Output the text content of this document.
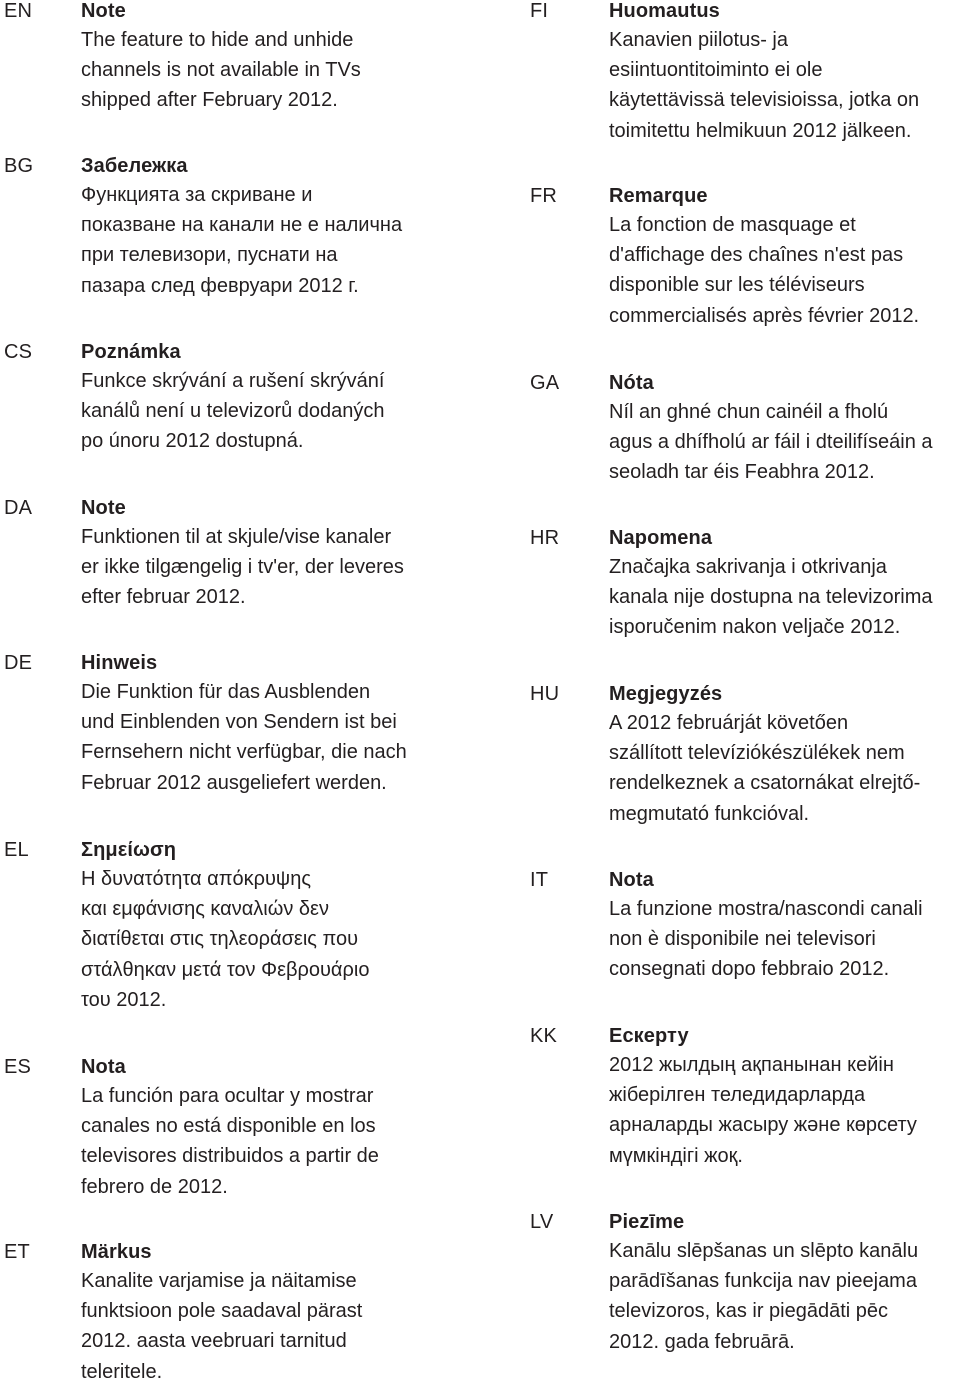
EN Note

The feature to hide and unhide
channels is not available in TVs
shipped after February 2012.

BG Забележка

Функцията за скриване и
показване на канали не е налична
при телевизори, пуснати на
пазара след февруари 2012 г.

CS Poznámka

Funkce skrývání a rušení skrývání
kanálů není u televizorů dodaných
po únoru 2012 dostupná.

DA Note

Funktionen til at skjule/vise kanaler
er ikke tilgængelig i tv'er, der leveres
efter februar 2012.

DE Hinweis

Die Funktion für das Ausblenden
und Einblenden von Sendern ist bei
Fernsehern nicht verfügbar, die nach
Februar 2012 ausgeliefert werden.

EL	Σημείωση

Η δυνατότητα απόκρυψης
και εμφάνισης καναλιών δεν
διατίθεται στις τηλεοράσεις που
στάλθηκαν μετά τον Φεβρουάριο
του 2012.

ES Nota

La función para ocultar y mostrar
canales no está disponible en los
televisores distribuidos a partir de
febrero de 2012.

ET	Märkus

Kanalite varjamise ja näitamise
funktsioon pole saadaval pärast
2012. aasta veebruari tarnitud
teleritele.

FI	Huomautus

Kanavien piilotus- ja
esiintuontitoiminto ei ole
käytettävissä televisioissa, jotka on
toimitettu helmikuun 2012 jälkeen.

FR	Remarque

La fonction de masquage et
d'affichage des chaînes n'est pas
disponible sur les téléviseurs
commercialisés après février 2012.

GA Nóta

Níl an ghné chun cainéil a fholú
agus a dhífholú ar fáil i dteilifíseáin a
seoladh tar éis Feabhra 2012.

HR Napomena

Značajka sakrivanja i otkrivanja
kanala nije dostupna na televizorima
isporučenim nakon veljače 2012.

HU Megjegyzés

A 2012 februárját követően
szállított televíziókészülékek nem
rendelkeznek a csatornákat elrejtő-
megmutató funkcióval.

IT	Nota

La funzione mostra/nascondi canali
non è disponibile nei televisori
consegnati dopo febbraio 2012.

KK	Ескерту

2012 жылдың ақпанынан кейін
жіберілген теледидарларда
арналарды жасыру және көрсету
мүмкіндігі жоқ.

LV	Piezīme

Kanālu slēpšanas un slēpto kanālu
parādīšanas funkcija nav pieejama
televizoros, kas ir piegādāti pēc
2012. gada februārā.
